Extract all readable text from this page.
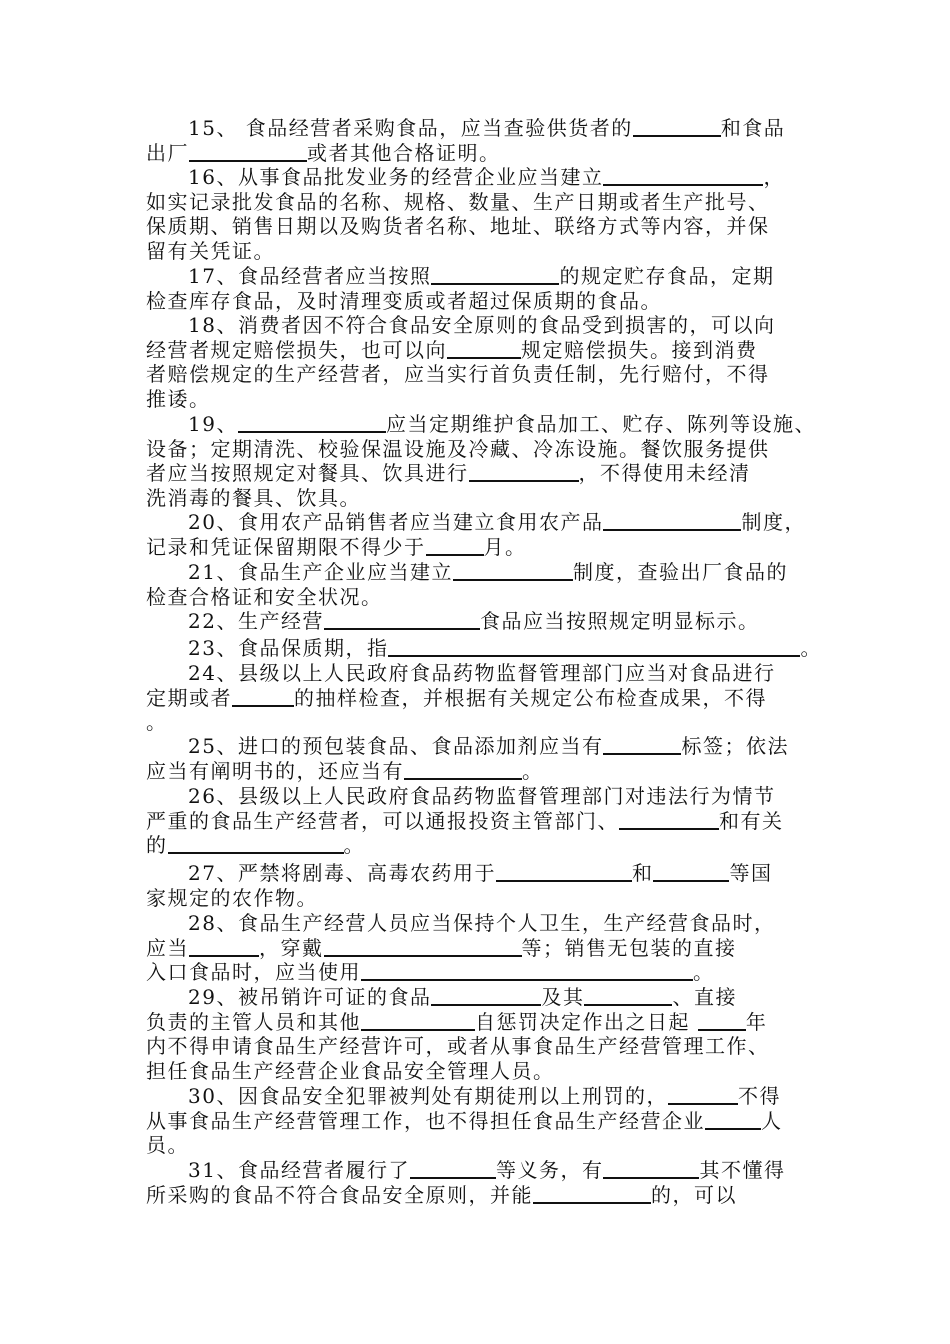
15、 食品经营者采购食品，应当查验供货者的	和食品
出厂	或者其他合格证明。
16、从事食品批发业务的经营企业应当建立	，
如实记录批发食品的名称、规格、数量、生产日期或者生产批号、
保质期、销售日期以及购货者名称、地址、联络方式等内容，并保
留有关凭证。
17、食品经营者应当按照	的规定贮存食品，定期
检查库存食品，及时清理变质或者超过保质期的食品。
18、消费者因不符合食品安全原则的食品受到损害的，可以向
经营者规定赔偿损失，也可以向	规定赔偿损失。接到消费
者赔偿规定的生产经营者，应当实行首负责任制，先行赔付，不得
推诿。
19、	应当定期维护食品加工、贮存、陈列等设施、
设备；定期清洗、校验保温设施及冷藏、冷冻设施。餐饮服务提供
者应当按照规定对餐具、饮具进行	，不得使用未经清
洗消毒的餐具、饮具。
20、食用农产品销售者应当建立食用农产品	制度，
记录和凭证保留期限不得少于	月。
21、食品生产企业应当建立	制度，查验出厂食品的
检查合格证和安全状况。
22、生产经营	食品应当按照规定明显标示。
23、食品保质期，指	。
24、县级以上人民政府食品药物监督管理部门应当对食品进行
定期或者	的抽样检查，并根据有关规定公布检查成果，不得
。
25、进口的预包装食品、食品添加剂应当有	标签；依法
应当有阐明书的，还应当有	。
26、县级以上人民政府食品药物监督管理部门对违法行为情节
严重的食品生产经营者，可以通报投资主管部门、	和有关
的	。
27、严禁将剧毒、高毒农药用于	和	等国
家规定的农作物。
28、食品生产经营人员应当保持个人卫生，生产经营食品时，
应当	，穿戴	等；销售无包装的直接
入口食品时，应当使用	。
29、被吊销许可证的食品	及其	、直接
负责的主管人员和其他	自惩罚决定作出之日起 年
内不得申请食品生产经营许可，或者从事食品生产经营管理工作、
担任食品生产经营企业食品安全管理人员。
30、因食品安全犯罪被判处有期徒刑以上刑罚的，	不得
从事食品生产经营管理工作，也不得担任食品生产经营企业	人
员。
31、食品经营者履行了	等义务，有	其不懂得
所采购的食品不符合食品安全原则，并能	的，可以
